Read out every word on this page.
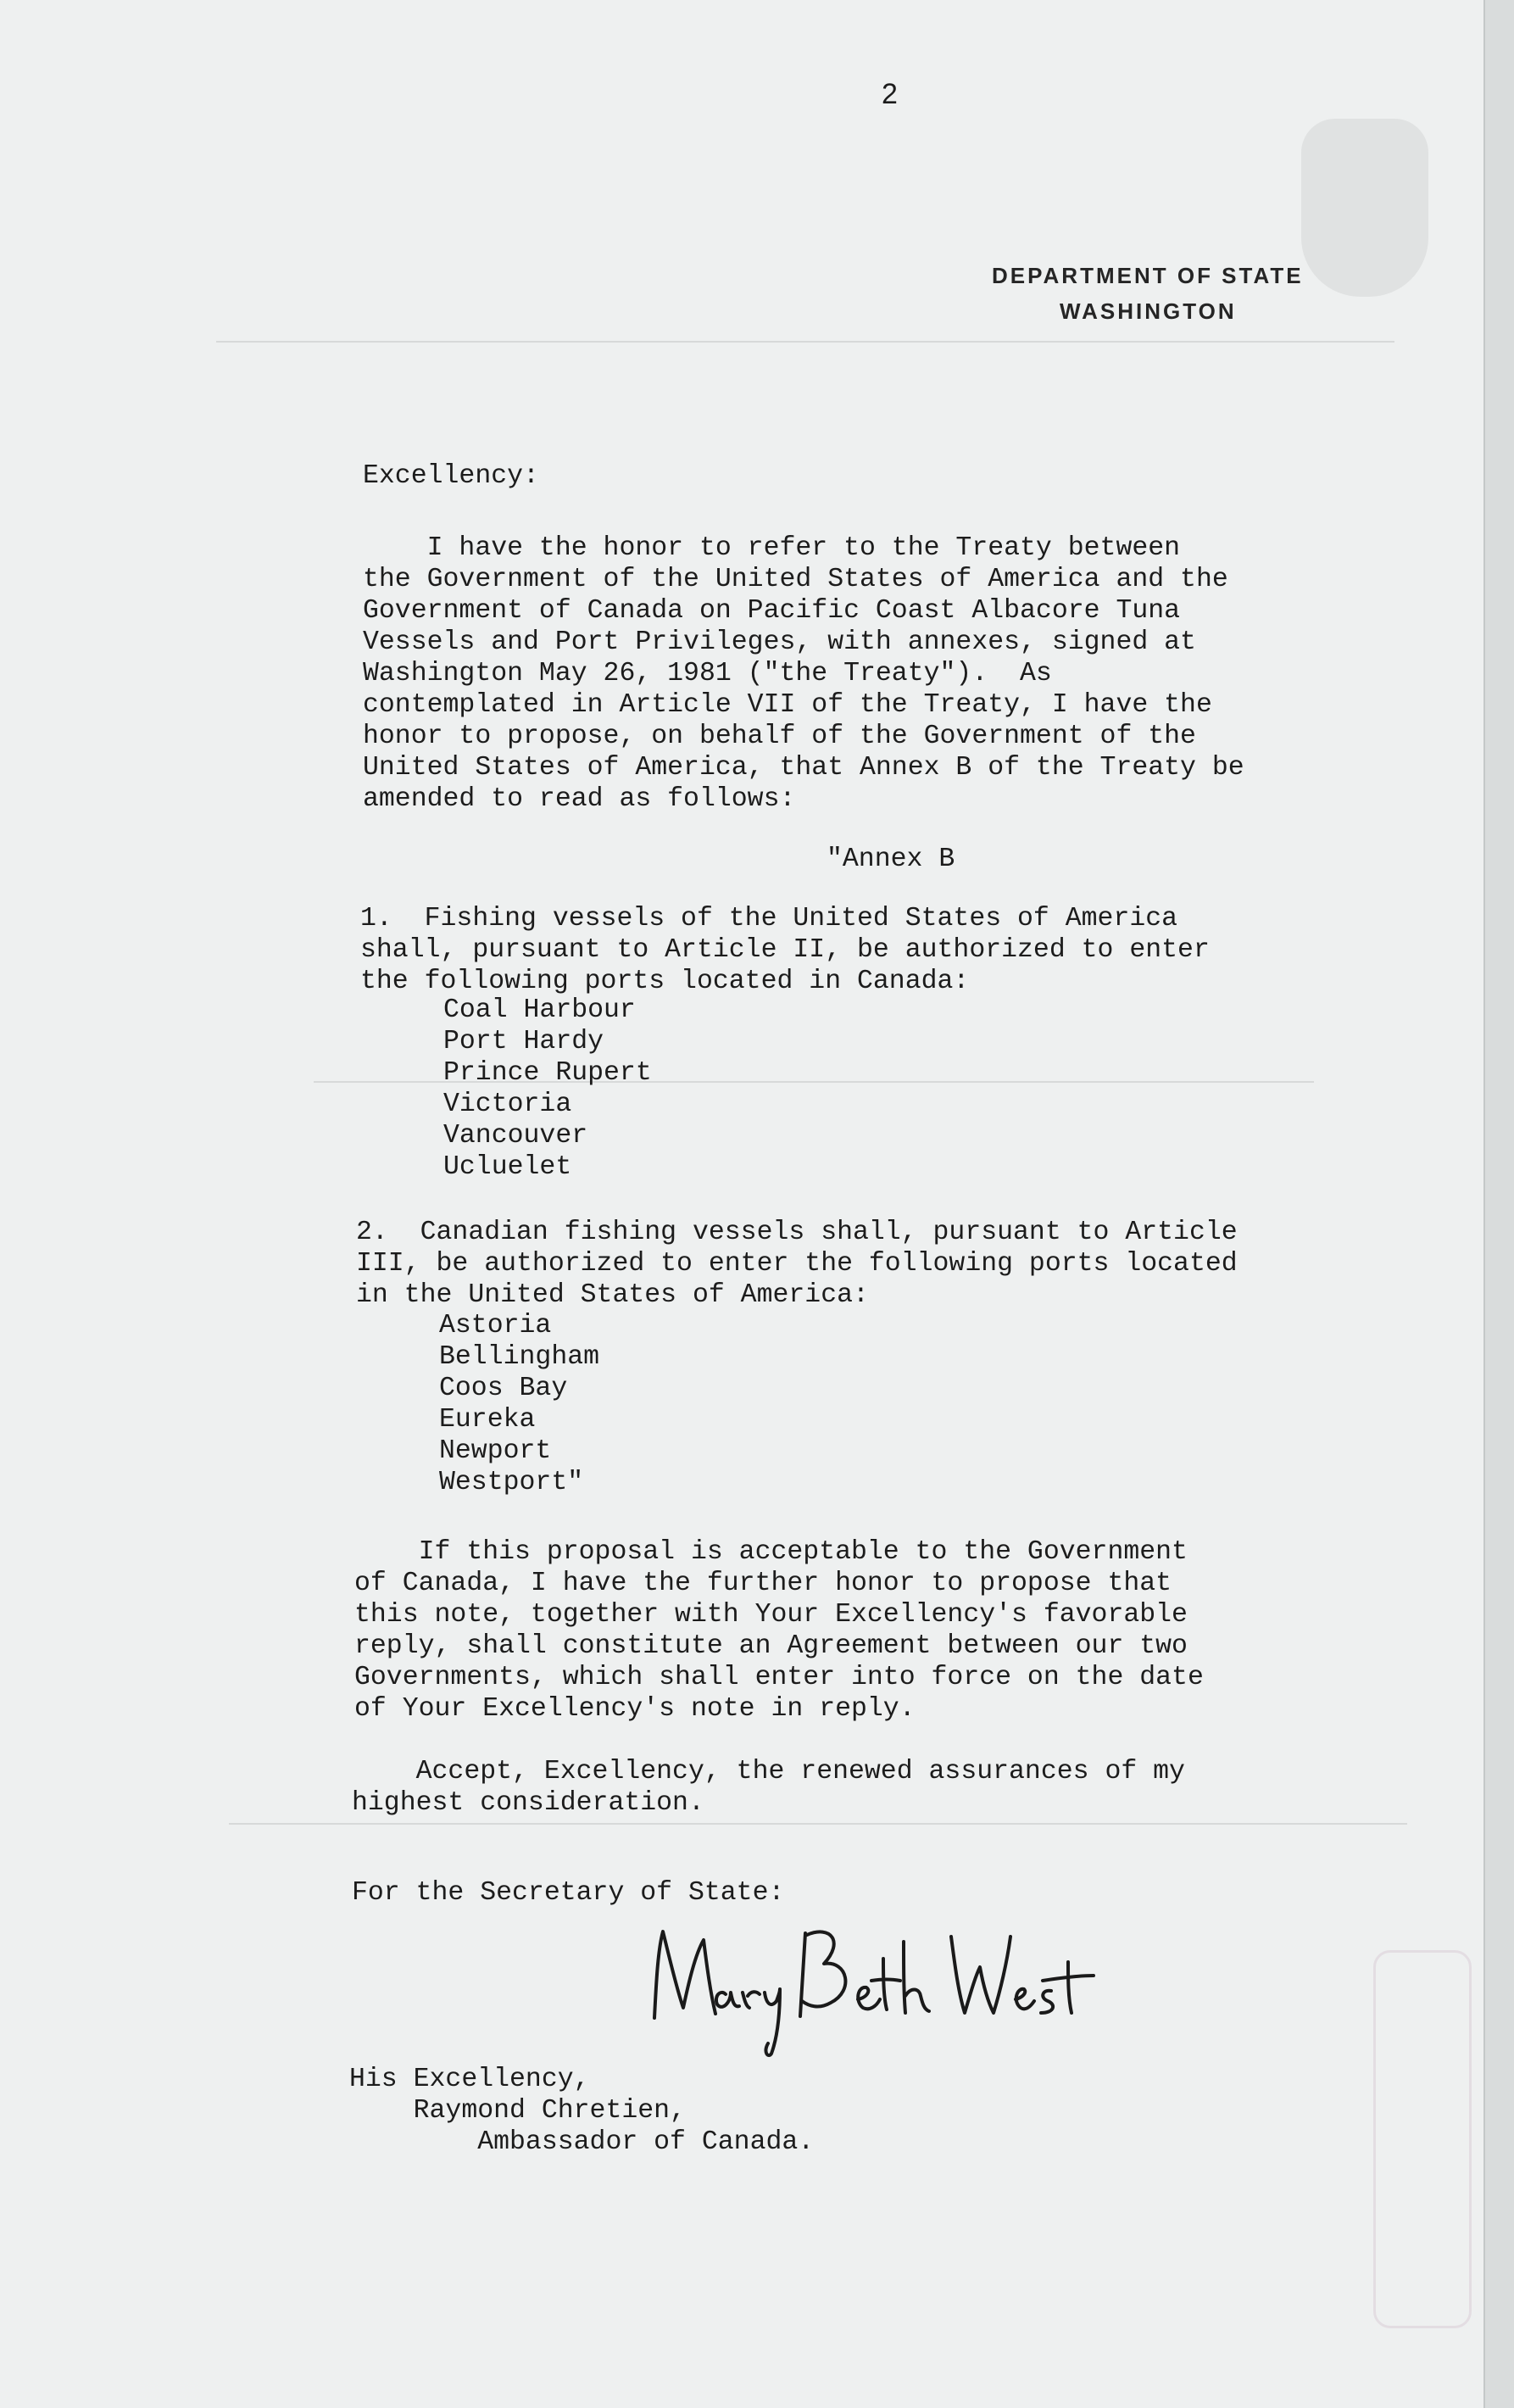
2
DEPARTMENT OF STATE
WASHINGTON
Excellency:
I have the honor to refer to the Treaty between
the Government of the United States of America and the
Government of Canada on Pacific Coast Albacore Tuna
Vessels and Port Privileges, with annexes, signed at
Washington May 26, 1981 ("the Treaty").  As
contemplated in Article VII of the Treaty, I have the
honor to propose, on behalf of the Government of the
United States of America, that Annex B of the Treaty be
amended to read as follows:
"Annex B
1.  Fishing vessels of the United States of America
shall, pursuant to Article II, be authorized to enter
the following ports located in Canada:
Coal Harbour
Port Hardy
Prince Rupert
Victoria
Vancouver
Ucluelet
2.  Canadian fishing vessels shall, pursuant to Article
III, be authorized to enter the following ports located
in the United States of America:
Astoria
Bellingham
Coos Bay
Eureka
Newport
Westport"
If this proposal is acceptable to the Government
of Canada, I have the further honor to propose that
this note, together with Your Excellency's favorable
reply, shall constitute an Agreement between our two
Governments, which shall enter into force on the date
of Your Excellency's note in reply.
Accept, Excellency, the renewed assurances of my
highest consideration.
For the Secretary of State:
His Excellency,
Raymond Chretien,
Ambassador of Canada.
